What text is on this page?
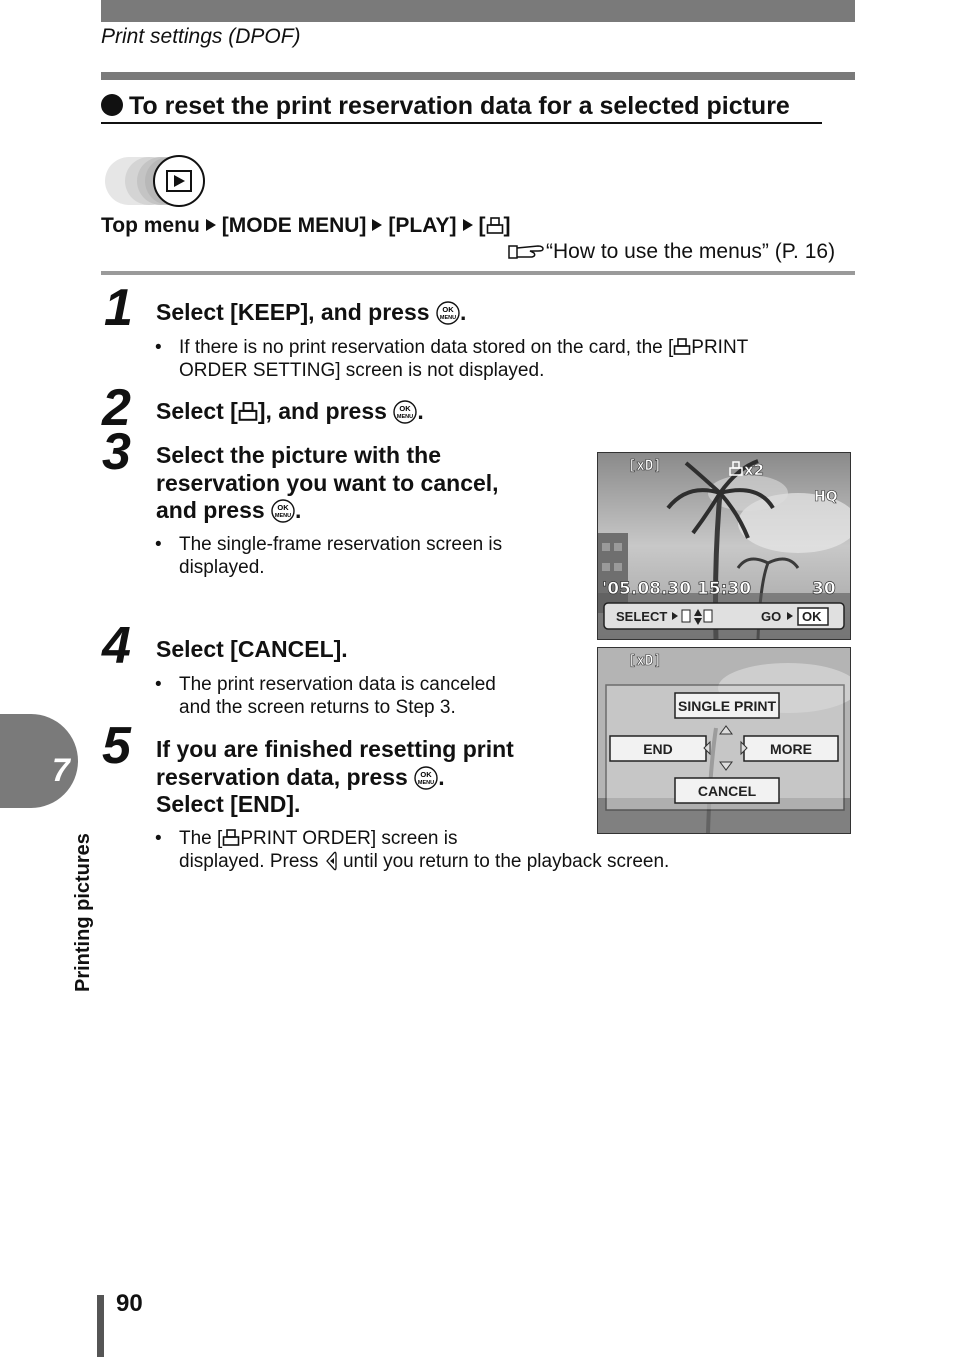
Print settings (DPOF)
To reset the print reservation data for a selected picture
Top menu [MODE MENU] [PLAY] [ ]
“How to use the menus” (P. 16)
1 Select [KEEP], and press OK
MENU .
• If there is no print reservation data stored on the card, the [ PRINT
ORDER SETTING] screen is not displayed.
2 Select [ ], and press OK
MENU .
3 Select the picture with the
reservation you want to cancel,
and press OK
MENU .
• The single-frame reservation screen is
displayed.
[xD]	x2
HQ
'05.08.30 15:30	30
SELECT	GO OK
4 Select [CANCEL].
• The print reservation data is canceled
and the screen returns to Step 3.
[xD]
SINGLE PRINT
END	MORE
CANCEL
5 If you are finished resetting print
reservation data, press OK
MENU .
Select [END].
• The [ PRINT ORDER] screen is
displayed. Press until you return to the playback screen.
7
Printing pictures
90
